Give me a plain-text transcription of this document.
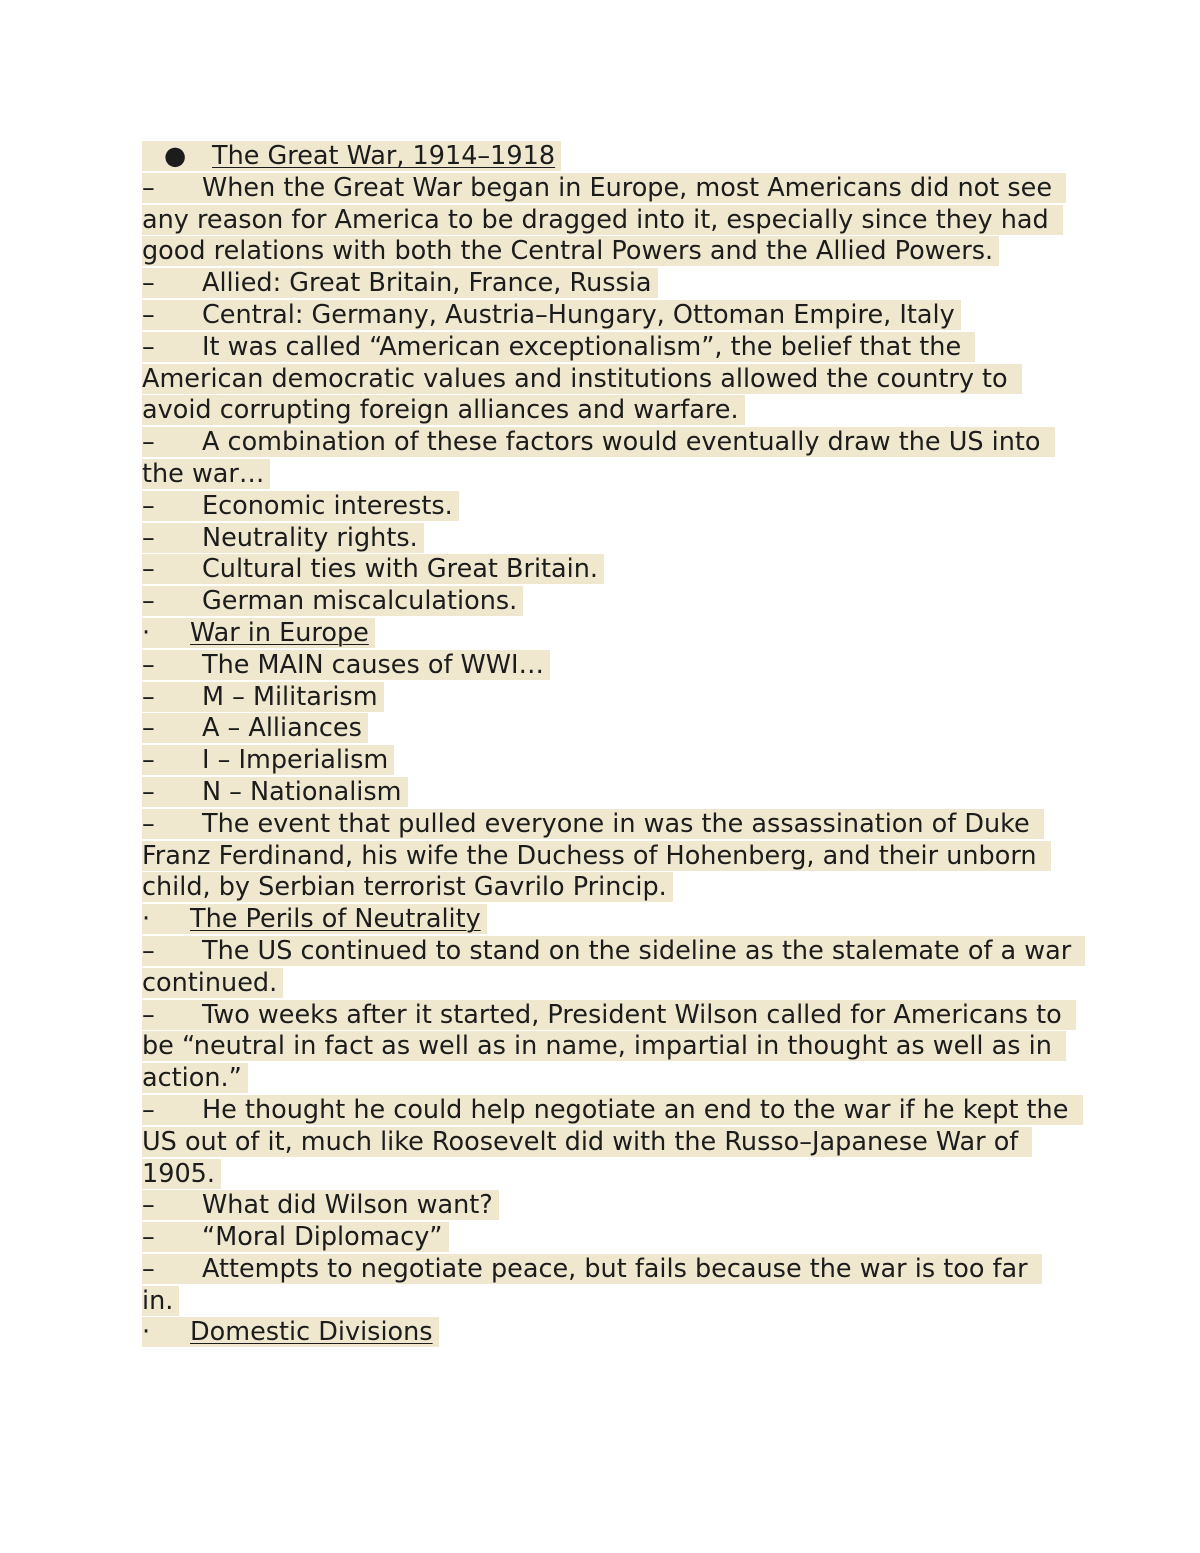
● The Great War, 1914–1918

– When the Great War began in Europe, most Americans did not see any reason for America to be dragged into it, especially since they had good relations with both the Central Powers and the Allied Powers.

– Allied: Great Britain, France, Russia

– Central: Germany, Austria–Hungary, Ottoman Empire, Italy

– It was called “American exceptionalism”, the belief that the American democratic values and institutions allowed the country to avoid corrupting foreign alliances and warfare.

– A combination of these factors would eventually draw the US into the war…

– Economic interests.

– Neutrality rights.

– Cultural ties with Great Britain.

– German miscalculations.

· War in Europe

– The MAIN causes of WWI…

– M – Militarism

– A – Alliances

– I – Imperialism

– N – Nationalism

– The event that pulled everyone in was the assassination of Duke Franz Ferdinand, his wife the Duchess of Hohenberg, and their unborn child, by Serbian terrorist Gavrilo Princip.

· The Perils of Neutrality

– The US continued to stand on the sideline as the stalemate of a war continued.

– Two weeks after it started, President Wilson called for Americans to be “neutral in fact as well as in name, impartial in thought as well as in action.”

– He thought he could help negotiate an end to the war if he kept the US out of it, much like Roosevelt did with the Russo–Japanese War of 1905.

– What did Wilson want?

– “Moral Diplomacy”

– Attempts to negotiate peace, but fails because the war is too far in.

· Domestic Divisions
